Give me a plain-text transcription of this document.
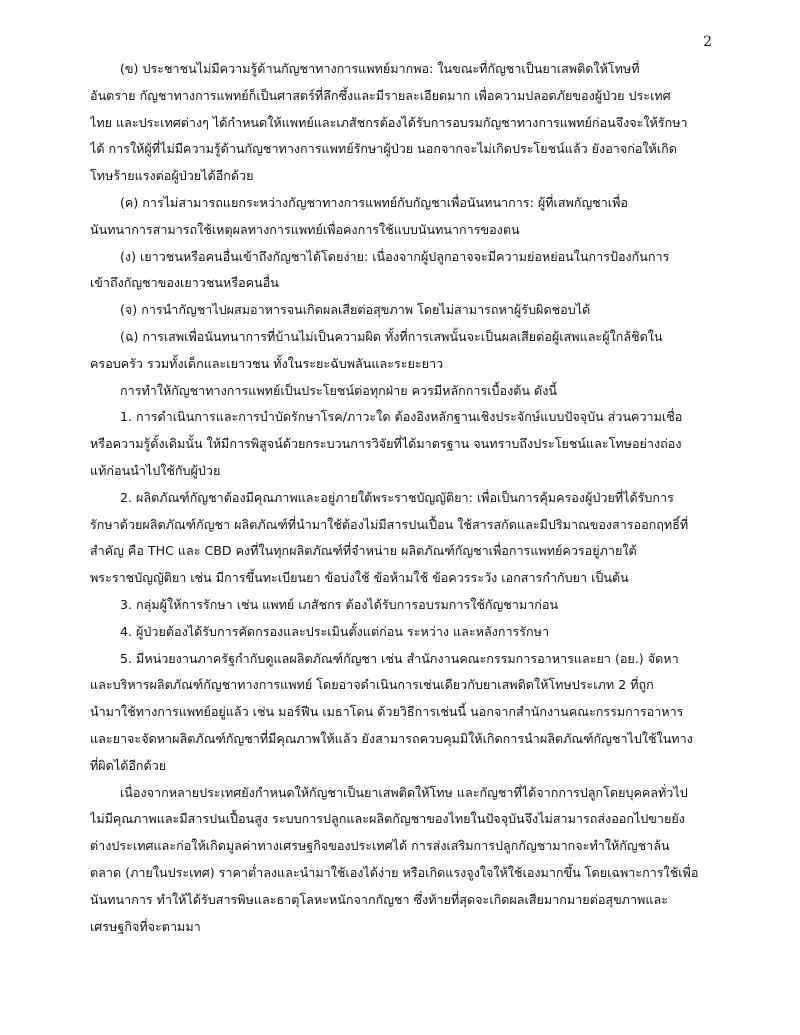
2
(ข) ประชาชนไม่มีความรู้ด้านกัญชาทางการแพทย์มากพอ: ในขณะที่กัญชาเป็นยาเสพติดให้โทษที่
อันตราย กัญชาทางการแพทย์ก็เป็นศาสตร์ที่ลึกซึ้งและมีรายละเอียดมาก เพื่อความปลอดภัยของผู้ป่วย ประเทศ
ไทย และประเทศต่างๆ ได้กำหนดให้แพทย์และเภสัชกรต้องได้รับการอบรมกัญชาทางการแพทย์ก่อนจึงจะให้รักษา
ได้ การให้ผู้ที่ไม่มีความรู้ด้านกัญชาทางการแพทย์รักษาผู้ป่วย นอกจากจะไม่เกิดประโยชน์แล้ว ยังอาจก่อให้เกิด
โทษร้ายแรงต่อผู้ป่วยได้อีกด้วย
(ค) การไม่สามารถแยกระหว่างกัญชาทางการแพทย์กับกัญชาเพื่อนันทนาการ: ผู้ที่เสพกัญชาเพื่อ
นันทนาการสามารถใช้เหตุผลทางการแพทย์เพื่อคงการใช้แบบนันทนาการของตน
(ง) เยาวชนหรือคนอื่นเข้าถึงกัญชาได้โดยง่าย: เนื่องจากผู้ปลูกอาจจะมีความย่อหย่อนในการป้องกันการ
เข้าถึงกัญชาของเยาวชนหรือคนอื่น
(จ) การนำกัญชาไปผสมอาหารจนเกิดผลเสียต่อสุขภาพ โดยไม่สามารถหาผู้รับผิดชอบได้
(ฉ) การเสพเพื่อนันทนาการที่บ้านไม่เป็นความผิด ทั้งที่การเสพนั้นจะเป็นผลเสียต่อผู้เสพและผู้ใกล้ชิดใน
ครอบครัว รวมทั้งเด็กและเยาวชน ทั้งในระยะฉับพลันและระยะยาว
การทำให้กัญชาทางการแพทย์เป็นประโยชน์ต่อทุกฝ่าย ควรมีหลักการเบื้องต้น ดังนี้
1. การดำเนินการและการบำบัดรักษาโรค/ภาวะใด ต้องอิงหลักฐานเชิงประจักษ์แบบปัจจุบัน ส่วนความเชื่อ
หรือความรู้ดั้งเดิมนั้น ให้มีการพิสูจน์ด้วยกระบวนการวิจัยที่ได้มาตรฐาน จนทราบถึงประโยชน์และโทษอย่างถ่อง
แท้ก่อนนำไปใช้กับผู้ป่วย
2. ผลิตภัณฑ์กัญชาต้องมีคุณภาพและอยู่ภายใต้พระราชบัญญัติยา: เพื่อเป็นการคุ้มครองผู้ป่วยที่ได้รับการ
รักษาด้วยผลิตภัณฑ์กัญชา ผลิตภัณฑ์ที่นำมาใช้ต้องไม่มีสารปนเปื้อน ใช้สารสกัดและมีปริมาณของสารออกฤทธิ์ที่
สำคัญ คือ THC และ CBD คงที่ในทุกผลิตภัณฑ์ที่จำหน่าย ผลิตภัณฑ์กัญชาเพื่อการแพทย์ควรอยู่ภายใต้
พระราชบัญญัติยา เช่น มีการขึ้นทะเบียนยา ข้อบ่งใช้ ข้อห้ามใช้ ข้อควรระวัง เอกสารกำกับยา เป็นต้น
3. กลุ่มผู้ให้การรักษา เช่น แพทย์ เภสัชกร ต้องได้รับการอบรมการใช้กัญชามาก่อน
4. ผู้ป่วยต้องได้รับการคัดกรองและประเมินตั้งแต่ก่อน ระหว่าง และหลังการรักษา
5. มีหน่วยงานภาครัฐกำกับดูแลผลิตภัณฑ์กัญชา เช่น สำนักงานคณะกรรมการอาหารและยา (อย.) จัดหา
และบริหารผลิตภัณฑ์กัญชาทางการแพทย์ โดยอาจดำเนินการเช่นเดียวกับยาเสพติดให้โทษประเภท 2 ที่ถูก
นำมาใช้ทางการแพทย์อยู่แล้ว เช่น มอร์ฟีน เมธาโดน ด้วยวิธีการเช่นนี้ นอกจากสำนักงานคณะกรรมการอาหาร
และยาจะจัดหาผลิตภัณฑ์กัญชาที่มีคุณภาพให้แล้ว ยังสามารถควบคุมมิให้เกิดการนำผลิตภัณฑ์กัญชาไปใช้ในทาง
ที่ผิดได้อีกด้วย
เนื่องจากหลายประเทศยังกำหนดให้กัญชาเป็นยาเสพติดให้โทษ และกัญชาที่ได้จากการปลูกโดยบุคคลทั่วไป
ไม่มีคุณภาพและมีสารปนเปื้อนสูง ระบบการปลูกและผลิตกัญชาของไทยในปัจจุบันจึงไม่สามารถส่งออกไปขายยัง
ต่างประเทศและก่อให้เกิดมูลค่าทางเศรษฐกิจของประเทศได้ การส่งเสริมการปลูกกัญชามากจะทำให้กัญชาล้น
ตลาด (ภายในประเทศ) ราคาต่ำลงและนำมาใช้เองได้ง่าย หรือเกิดแรงจูงใจให้ใช้เองมากขึ้น โดยเฉพาะการใช้เพื่อ
นันทนาการ ทำให้ได้รับสารพิษและธาตุโลหะหนักจากกัญชา ซึ่งท้ายที่สุดจะเกิดผลเสียมากมายต่อสุขภาพและ
เศรษฐกิจที่จะตามมา
